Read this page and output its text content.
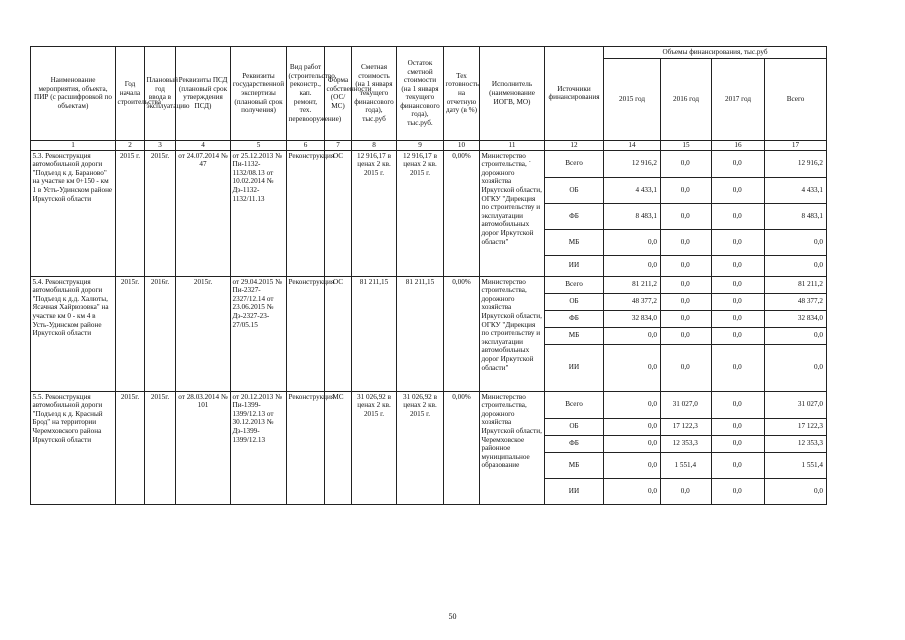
Наименование мероприятия, объекта, ПИР (с расшифровкой по объектам)	Год начала строительства	Плановый год ввода в эксплуатацию	Реквизиты ПСД (плановый срок утверждения ПСД)	Реквизиты государственной экспертизы (плановый срок получения)	Вид работ (строительство, реконстр., кап. ремонт, тех. перевооружение)	Форма собственности (ОС/МС)	Сметная стоимость (на 1 января текущего финансового года), тыс.руб	Остаток сметной стоимости (на 1 января текущего финансового года), тыс.руб.	Тех готовность на отчетную дату (в %)	Исполнитель (наименование ИОГВ, МО)	Источники финансирования	Объемы финансирования, тыс.руб			
												2015 год	2016 год	2017 год	Всего
1	2	3	4	5	6	7	8	9	10	11	12	14	15	16	17
5.3. Реконструкция автомобильной дороги "Подъезд к д. Бараново" на участке км 0+150 - км 1 в Усть-Удинском районе Иркутской области	2015 г.	2015г.	от 24.07.2014 № 47	от 25.12.2013 № Пи-1132-1132/08.13 от 10.02.2014 № Дэ-1132-1132/11.13	Реконструкция	ОС	12 916,17 в ценах 2 кв. 2015 г.	12 916,17 в ценах 2 кв. 2015 г.	0,00%	Министерство строительства, ` дорожного хозяйства Иркутской области, ОГКУ "Дирекция по строительству и эксплуатации автомобильных дорог Иркутской области"	Всего	12 916,2	0,0	0,0	12 916,2
											ОБ	4 433,1	0,0	0,0	4 433,1
											ФБ	8 483,1	0,0	0,0	8 483,1
											МБ	0,0	0,0	0,0	0,0
											ИИ	0,0	0,0	0,0	0,0
5.4. Реконструкция автомобильной дороги "Подъезд к д.д. Халюты, Ясачная Хайрюзовка" на участке км 0 - км 4 в Усть-Удинском районе Иркутской области	2015г.	2016г.	2015г.	от 29.04.2015 № Пи-2327-2327/12.14 от 23.06.2015 № Дэ-2327-23-27/05.15	Реконструкция	ОС	81 211,15	81 211,15	0,00%	Министерство строительства, дорожного хозяйства Иркутской области, ОГКУ "Дирекция по строительству и эксплуатации автомобильных дорог Иркутской области"	Всего	81 211,2	0,0	0,0	81 211,2
											ОБ	48 377,2	0,0	0,0	48 377,2
											ФБ	32 834,0	0,0	0,0	32 834,0
											МБ	0,0	0,0	0,0	0,0
											ИИ	0,0	0,0	0,0	0,0
5.5. Реконструкция автомобильной дороги "Подъезд к д. Красный Брод" на территории Черемховского района Иркутской области	2015г.	2015г.	от 28.03.2014 № 101	от 20.12.2013 № Пи-1399-1399/12.13 от 30.12.2013 № Дэ-1399-1399/12.13	Реконструкция	МС	31 026,92 в ценах 2 кв. 2015 г.	31 026,92 в ценах 2 кв. 2015 г.	0,00%	Министерство строительства, дорожного хозяйства Иркутской области, Черемховское районное муниципальное образование	Всего	0,0	31 027,0	0,0	31 027,0
											ОБ	0,0	17 122,3	0,0	17 122,3
											ФБ	0,0	12 353,3	0,0	12 353,3
											МБ	0,0	1 551,4	0,0	1 551,4
											ИИ	0,0	0,0	0,0	0,0
50
